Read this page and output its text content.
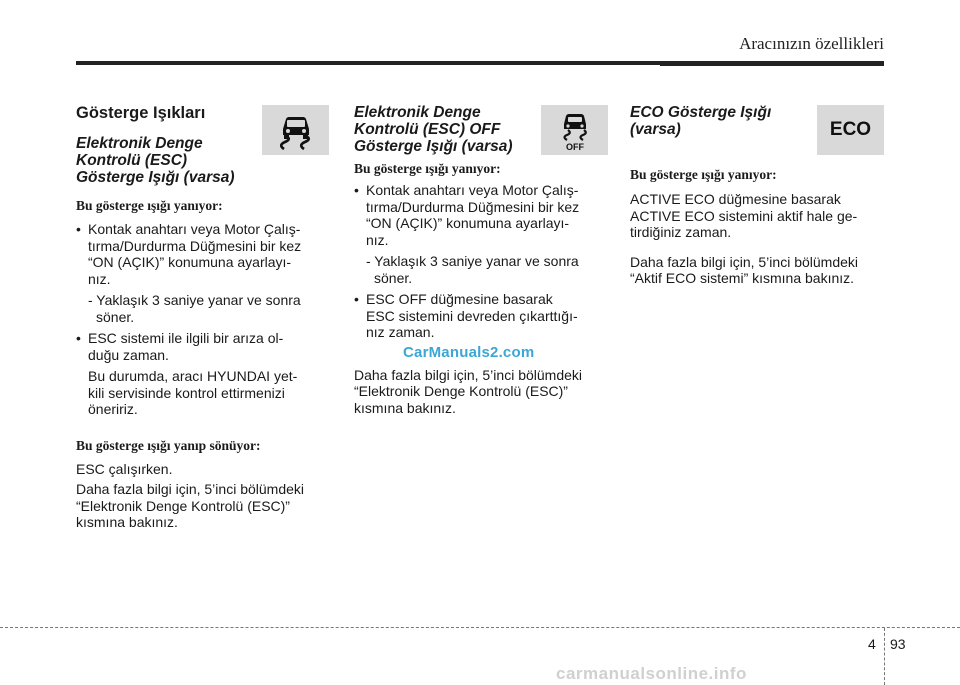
Aracınızın özellikleri
OFF
ECO

Gösterge Işıkları

Elektronik Denge
Kontrolü (ESC)
Gösterge Işığı (varsa)

Bu gösterge ışığı yanıyor:

• Kontak anahtarı veya Motor Çalış-
tırma/Durdurma Düğmesini bir kez
“ON (AÇIK)” konumuna ayarlayı-
nız.

- Yaklaşık 3 saniye yanar ve sonra
söner.

• ESC sistemi ile ilgili bir arıza ol-
duğu zaman.

Bu durumda, aracı HYUNDAI yet-
kili servisinde kontrol ettirmenizi
öneririz.

Bu gösterge ışığı yanıp sönüyor:

ESC çalışırken.

Daha fazla bilgi için, 5’inci bölümdeki
“Elektronik Denge Kontrolü (ESC)”
kısmına bakınız.

Elektronik Denge
Kontrolü (ESC) OFF
Gösterge Işığı (varsa)

Bu gösterge ışığı yanıyor:

• Kontak anahtarı veya Motor Çalış-
tırma/Durdurma Düğmesini bir kez
“ON (AÇIK)” konumuna ayarlayı-
nız.

- Yaklaşık 3 saniye yanar ve sonra
söner.

• ESC OFF düğmesine basarak
ESC sistemini devreden çıkarttığı-
nız zaman.

Daha fazla bilgi için, 5’inci bölümdeki
“Elektronik Denge Kontrolü (ESC)”
kısmına bakınız.

ECO Gösterge Işığı
(varsa)

Bu gösterge ışığı yanıyor:

ACTIVE ECO düğmesine basarak
ACTIVE ECO sistemini aktif hale ge-
tirdiğiniz zaman.

Daha fazla bilgi için, 5’inci bölümdeki
“Aktif ECO sistemi” kısmına bakınız.

CarManuals2.com
4 93
carmanualsonline.info
